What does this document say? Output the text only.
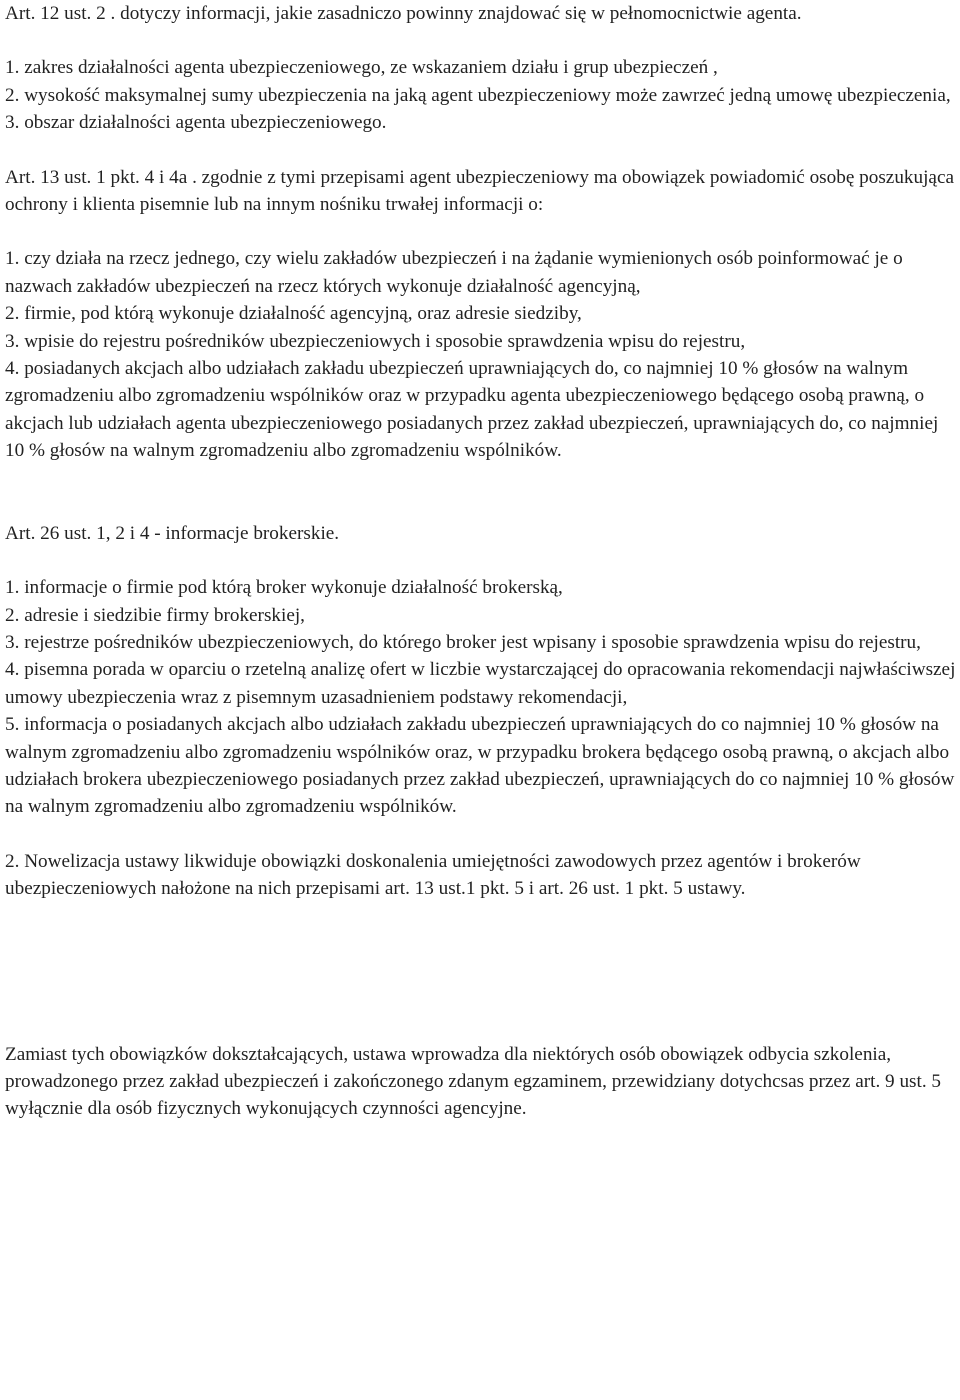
Art. 12 ust. 2 . dotyczy informacji, jakie zasadniczo powinny znajdować się w pełnomocnictwie agenta.

1. zakres działalności agenta ubezpieczeniowego, ze wskazaniem działu i grup ubezpieczeń ,

2. wysokość maksymalnej sumy ubezpieczenia na jaką agent ubezpieczeniowy może zawrzeć jedną umowę ubezpieczenia,

3. obszar działalności agenta ubezpieczeniowego.

Art. 13 ust. 1 pkt. 4 i 4a . zgodnie z tymi przepisami agent ubezpieczeniowy ma obowiązek powiadomić osobę poszukująca ochrony i klienta pisemnie lub na innym nośniku trwałej informacji o:

1. czy działa na rzecz jednego, czy wielu zakładów ubezpieczeń i na żądanie wymienionych osób poinformować je o nazwach zakładów ubezpieczeń na rzecz których wykonuje działalność agencyjną,

2. firmie, pod którą wykonuje działalność agencyjną, oraz adresie siedziby,

3. wpisie do rejestru pośredników ubezpieczeniowych i sposobie sprawdzenia wpisu do rejestru,

4. posiadanych akcjach albo udziałach zakładu ubezpieczeń uprawniających do, co najmniej 10 % głosów na walnym zgromadzeniu albo zgromadzeniu wspólników oraz w przypadku agenta ubezpieczeniowego będącego osobą prawną, o akcjach lub udziałach agenta ubezpieczeniowego posiadanych przez zakład ubezpieczeń, uprawniających do, co najmniej 10 % głosów na walnym zgromadzeniu albo zgromadzeniu wspólników.

Art. 26 ust. 1, 2 i 4 - informacje brokerskie.

1. informacje o firmie pod którą broker wykonuje działalność brokerską,

2. adresie i siedzibie firmy brokerskiej,

3. rejestrze pośredników ubezpieczeniowych, do którego broker jest wpisany i sposobie sprawdzenia wpisu do rejestru,

4. pisemna porada w oparciu o rzetelną analizę ofert w liczbie wystarczającej do opracowania rekomendacji najwłaściwszej umowy ubezpieczenia wraz z pisemnym uzasadnieniem podstawy rekomendacji,

5. informacja o posiadanych akcjach albo udziałach zakładu ubezpieczeń uprawniających do co najmniej 10 % głosów na walnym zgromadzeniu albo zgromadzeniu wspólników oraz, w przypadku brokera będącego osobą prawną, o akcjach albo udziałach brokera ubezpieczeniowego posiadanych przez zakład ubezpieczeń, uprawniających do co najmniej 10 % głosów na walnym zgromadzeniu albo zgromadzeniu wspólników.

2. Nowelizacja ustawy likwiduje obowiązki doskonalenia umiejętności zawodowych przez agentów i brokerów ubezpieczeniowych nałożone na nich przepisami art. 13 ust.1 pkt. 5 i art. 26 ust. 1 pkt. 5 ustawy.

Zamiast tych obowiązków dokształcających, ustawa wprowadza dla niektórych osób obowiązek odbycia szkolenia, prowadzonego przez zakład ubezpieczeń i zakończonego zdanym egzaminem, przewidziany dotychcsas przez art. 9 ust. 5 wyłącznie dla osób fizycznych wykonujących czynności agencyjne.
